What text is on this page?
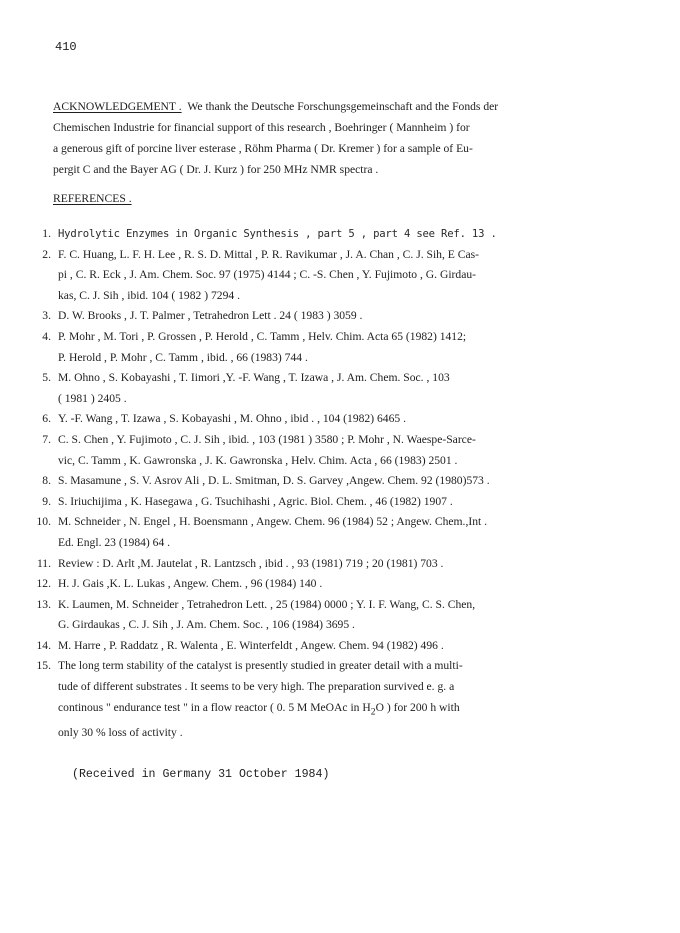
410
ACKNOWLEDGEMENT . We thank the Deutsche Forschungsgemeinschaft and the Fonds der
Chemischen Industrie for financial support of this research , Boehringer ( Mannheim ) for
a generous gift of porcine liver esterase , Röhm Pharma ( Dr. Kremer ) for a sample of Eu-
pergit C and the Bayer AG ( Dr. J. Kurz ) for 250 MHz NMR spectra .
REFERENCES .
1. Hydrolytic Enzymes in Organic Synthesis , part 5 , part 4 see Ref. 13 .
2. F. C. Huang, L. F. H. Lee , R. S. D. Mittal , P. R. Ravikumar , J. A. Chan , C. J. Sih, E Cas-
pi , C. R. Eck , J. Am. Chem. Soc. 97 (1975) 4144 ; C. -S. Chen , Y. Fujimoto , G. Girdau-
kas, C. J. Sih , ibid. 104 ( 1982 ) 7294 .
3. D. W. Brooks , J. T. Palmer , Tetrahedron Lett . 24 ( 1983 ) 3059 .
4. P. Mohr , M. Tori , P. Grossen , P. Herold , C. Tamm , Helv. Chim. Acta 65 (1982) 1412;
P. Herold , P. Mohr , C. Tamm , ibid. , 66 (1983) 744 .
5. M. Ohno , S. Kobayashi , T. Iimori ,Y. -F. Wang , T. Izawa , J. Am. Chem. Soc. , 103
( 1981 ) 2405 .
6. Y. -F. Wang , T. Izawa , S. Kobayashi , M. Ohno , ibid . , 104 (1982) 6465 .
7. C. S. Chen , Y. Fujimoto , C. J. Sih , ibid. , 103 (1981 ) 3580 ; P. Mohr , N. Waespe-Sarce-
vic, C. Tamm , K. Gawronska , J. K. Gawronska , Helv. Chim. Acta , 66 (1983) 2501 .
8. S. Masamune , S. V. Asrov Ali , D. L. Smitman, D. S. Garvey ,Angew. Chem. 92 (1980)573 .
9. S. Iriuchijima , K. Hasegawa , G. Tsuchihashi , Agric. Biol. Chem. , 46 (1982) 1907 .
10. M. Schneider , N. Engel , H. Boensmann , Angew. Chem. 96 (1984) 52 ; Angew. Chem.,Int .
Ed. Engl. 23 (1984) 64 .
11. Review : D. Arlt ,M. Jautelat , R. Lantzsch , ibid . , 93 (1981) 719 ; 20 (1981) 703 .
12. H. J. Gais ,K. L. Lukas , Angew. Chem. , 96 (1984) 140 .
13. K. Laumen, M. Schneider , Tetrahedron Lett. , 25 (1984) 0000 ; Y. I. F. Wang, C. S. Chen,
G. Girdaukas , C. J. Sih , J. Am. Chem. Soc. , 106 (1984) 3695 .
14. M. Harre , P. Raddatz , R. Walenta , E. Winterfeldt , Angew. Chem. 94 (1982) 496 .
15. The long term stability of the catalyst is presently studied in greater detail with a multi-
tude of different substrates . It seems to be very high. The preparation survived e. g. a
continous " endurance test " in a flow reactor ( 0. 5 M MeOAc in $H_2O$ ) for 200 h with
only 30 % loss of activity .
(Received in Germany 31 October 1984)
